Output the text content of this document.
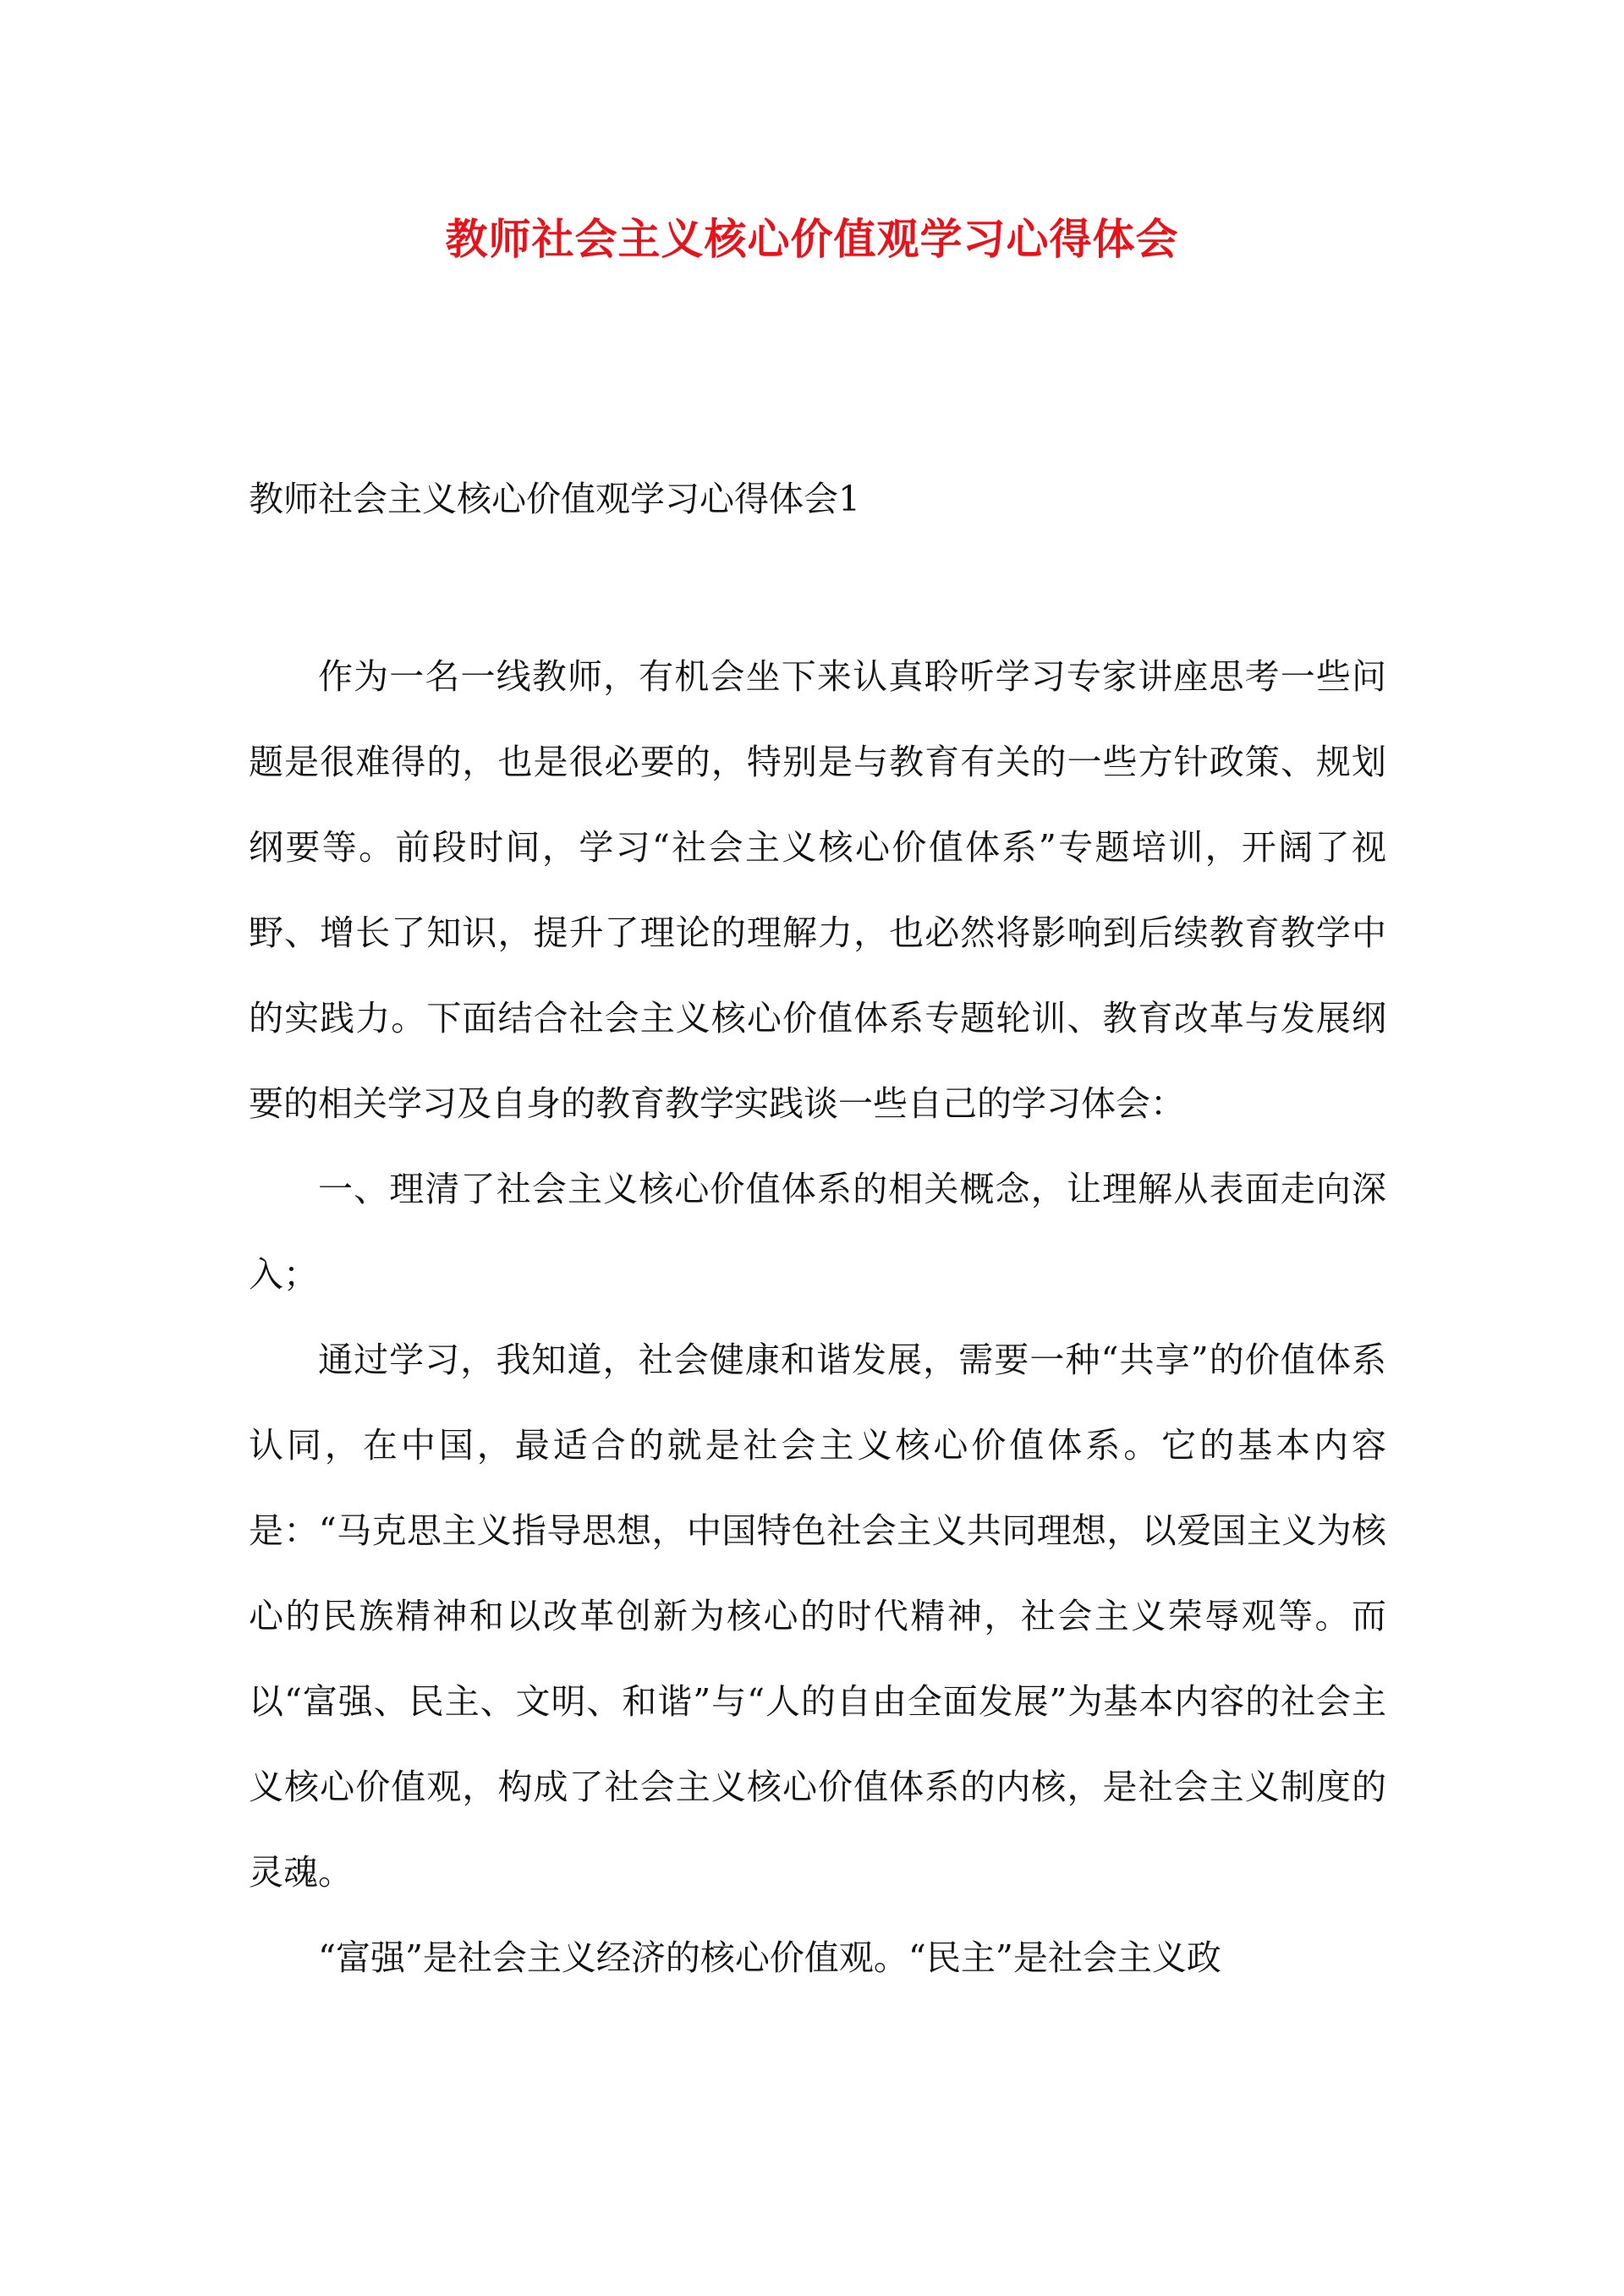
教师社会主义核心价值观学习心得体会
教师社会主义核心价值观学习心得体会1

作为一名一线教师，有机会坐下来认真聆听学习专家讲座思考一些问题是很难得的，也是很必要的，特别是与教育有关的一些方针政策、规划纲要等。前段时间，学习“社会主义核心价值体系”专题培训，开阔了视野、增长了知识，提升了理论的理解力，也必然将影响到后续教育教学中的实践力。下面结合社会主义核心价值体系专题轮训、教育改革与发展纲要的相关学习及自身的教育教学实践谈一些自己的学习体会：

一、理清了社会主义核心价值体系的相关概念，让理解从表面走向深入；

通过学习，我知道，社会健康和谐发展，需要一种“共享”的价值体系认同，在中国，最适合的就是社会主义核心价值体系。它的基本内容是：“马克思主义指导思想，中国特色社会主义共同理想，以爱国主义为核心的民族精神和以改革创新为核心的时代精神，社会主义荣辱观等。而以“富强、民主、文明、和谐”与“人的自由全面发展”为基本内容的社会主义核心价值观，构成了社会主义核心价值体系的内核，是社会主义制度的灵魂。

“富强”是社会主义经济的核心价值观。“民主”是社会主义政
